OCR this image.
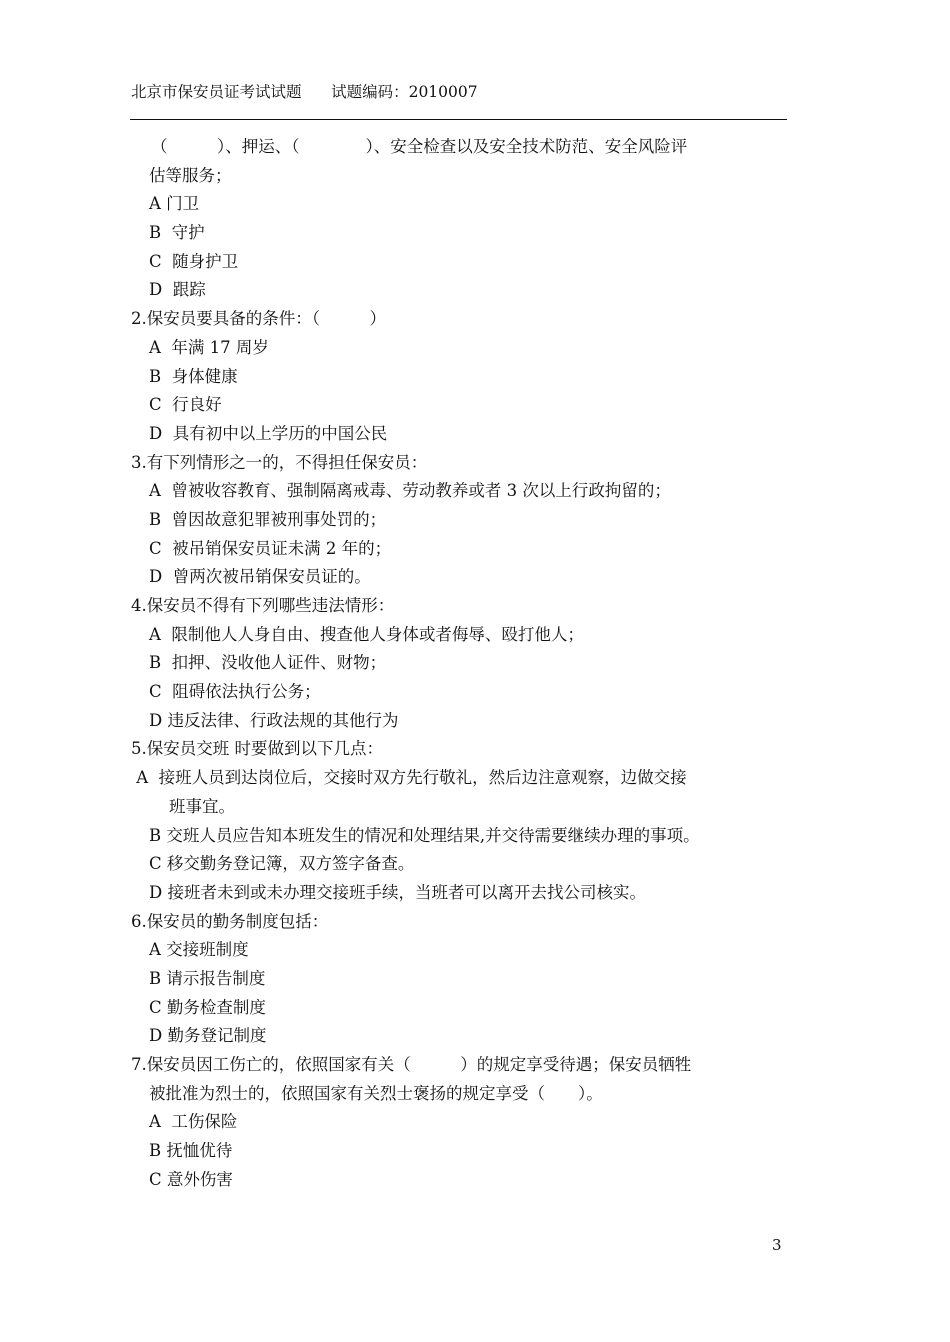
北京市保安员证考试试题 试题编码：2010007
（　　　）、押运、（　　　　）、安全检查以及安全技术防范、安全风险评
估等服务；
A 门卫
B  守护
C  随身护卫
D  跟踪
2.保安员要具备的条件：（　　　）
A  年满 17 周岁
B  身体健康
C  行良好
D  具有初中以上学历的中国公民
3.有下列情形之一的，不得担任保安员：
A  曾被收容教育、强制隔离戒毒、劳动教养或者 3 次以上行政拘留的；
B  曾因故意犯罪被刑事处罚的；
C  被吊销保安员证未满 2 年的；
D  曾两次被吊销保安员证的。
4.保安员不得有下列哪些违法情形：
A  限制他人人身自由、搜查他人身体或者侮辱、殴打他人；
B  扣押、没收他人证件、财物；
C  阻碍依法执行公务；
D 违反法律、行政法规的其他行为
5.保安员交班 时要做到以下几点：
A  接班人员到达岗位后，交接时双方先行敬礼，然后边注意观察，边做交接
班事宜。
B 交班人员应告知本班发生的情况和处理结果,并交待需要继续办理的事项。
C 移交勤务登记簿，双方签字备查。
D 接班者未到或未办理交接班手续，当班者可以离开去找公司核实。
6.保安员的勤务制度包括：
A 交接班制度
B 请示报告制度
C 勤务检查制度
D 勤务登记制度
7.保安员因工伤亡的，依照国家有关（　　　）的规定享受待遇；保安员牺牲
被批准为烈士的，依照国家有关烈士褒扬的规定享受（　　）。
A  工伤保险
B 抚恤优待
C 意外伤害
3
